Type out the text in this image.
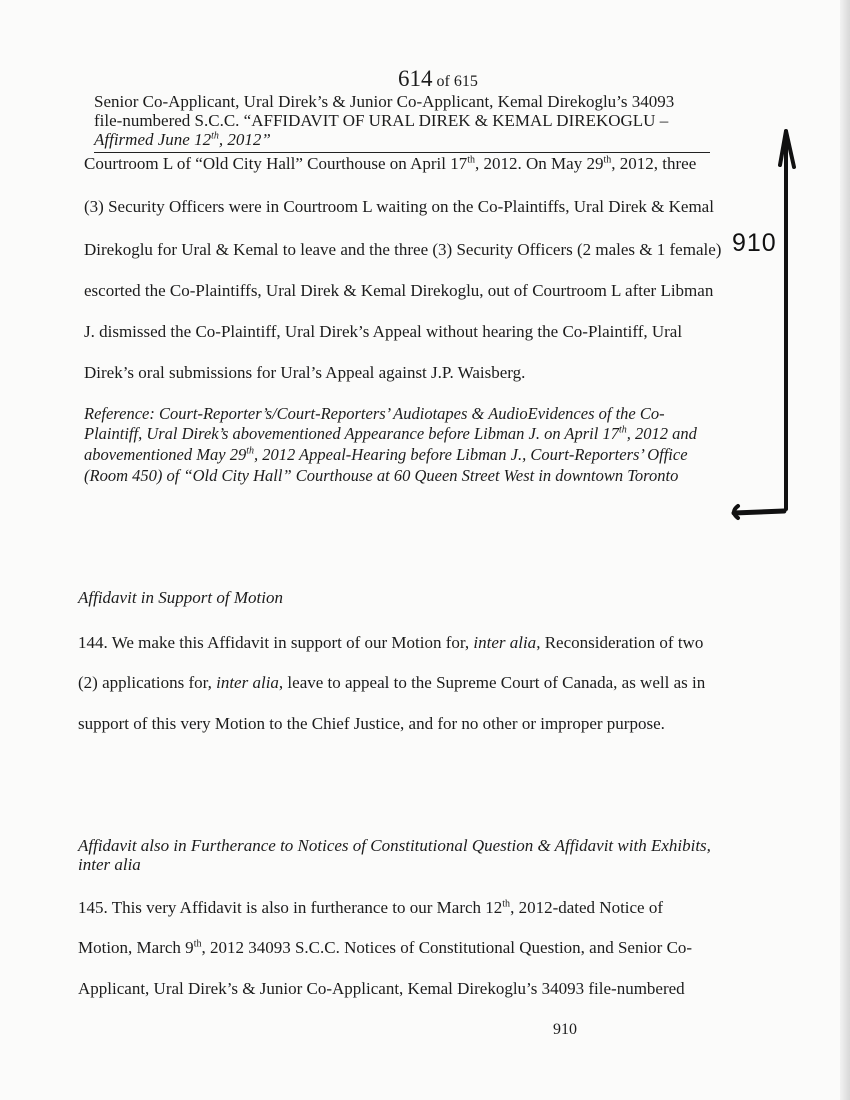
614 of 615
Senior Co-Applicant, Ural Direk’s & Junior Co-Applicant, Kemal Direkoglu’s 34093
file-numbered S.C.C. “AFFIDAVIT OF URAL DIREK & KEMAL DIREKOGLU –
Affirmed June 12th, 2012”
Courtroom L of “Old City Hall” Courthouse on April 17th, 2012. On May 29th, 2012, three
(3) Security Officers were in Courtroom L waiting on the Co-Plaintiffs, Ural Direk & Kemal
Direkoglu for Ural & Kemal to leave and the three (3) Security Officers (2 males & 1 female)
escorted the Co-Plaintiffs, Ural Direk & Kemal Direkoglu, out of Courtroom L after Libman
J. dismissed the Co-Plaintiff, Ural Direk’s Appeal without hearing the Co-Plaintiff, Ural
Direk’s oral submissions for Ural’s Appeal against J.P. Waisberg.
Reference: Court-Reporter’s/Court-Reporters’ Audiotapes & AudioEvidences of the Co-
Plaintiff, Ural Direk’s abovementioned Appearance before Libman J. on April 17th, 2012 and
abovementioned May 29th, 2012 Appeal-Hearing before Libman J., Court-Reporters’ Office
(Room 450) of “Old City Hall” Courthouse at 60 Queen Street West in downtown Toronto
910
Affidavit in Support of Motion
144. We make this Affidavit in support of our Motion for, inter alia, Reconsideration of two
(2) applications for, inter alia, leave to appeal to the Supreme Court of Canada, as well as in
support of this very Motion to the Chief Justice, and for no other or improper purpose.
Affidavit also in Furtherance to Notices of Constitutional Question & Affidavit with Exhibits,
inter alia
145. This very Affidavit is also in furtherance to our March 12th, 2012-dated Notice of
Motion, March 9th, 2012 34093 S.C.C. Notices of Constitutional Question, and Senior Co-
Applicant, Ural Direk’s & Junior Co-Applicant, Kemal Direkoglu’s 34093 file-numbered
910
